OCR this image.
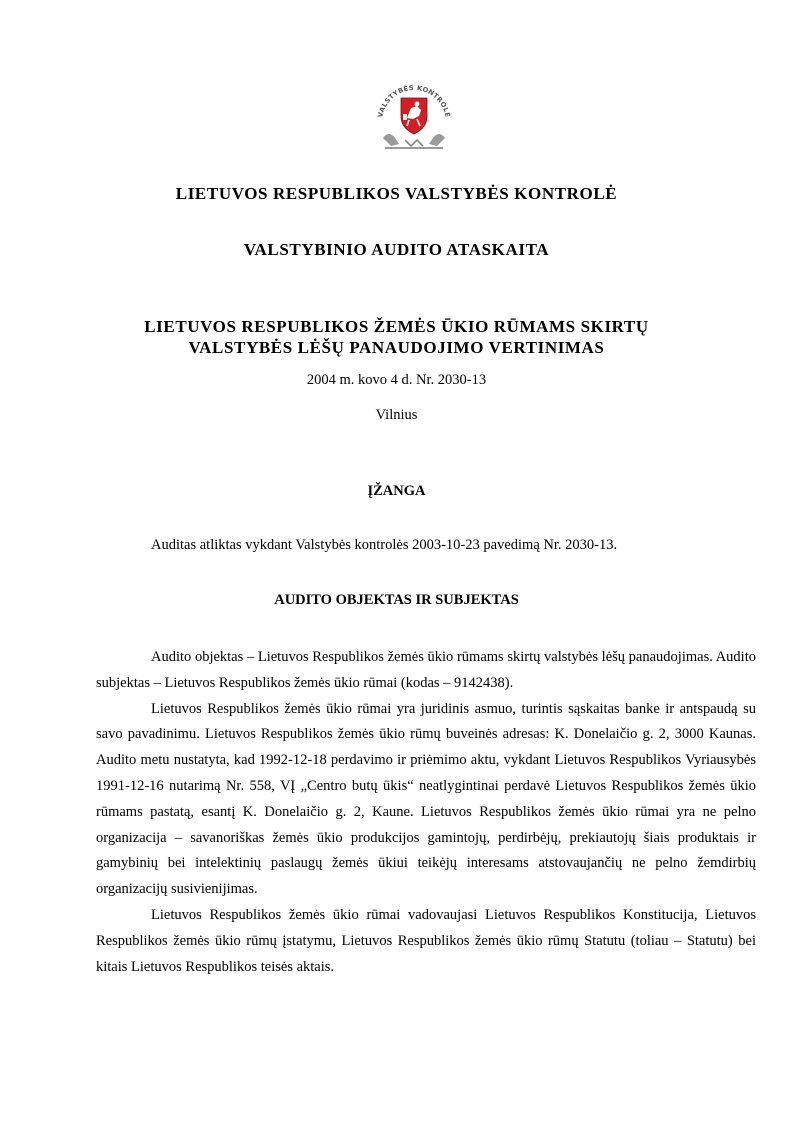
VALSTYBĖS KONTROLĖ
LIETUVOS RESPUBLIKOS VALSTYBĖS KONTROLĖ
VALSTYBINIO AUDITO ATASKAITA
LIETUVOS RESPUBLIKOS ŽEMĖS ŪKIO RŪMAMS SKIRTŲ
VALSTYBĖS LĖŠŲ PANAUDOJIMO VERTINIMAS
2004 m. kovo 4 d. Nr. 2030-13
Vilnius
ĮŽANGA
Auditas atliktas vykdant Valstybės kontrolės 2003-10-23 pavedimą Nr. 2030-13.
AUDITO OBJEKTAS IR SUBJEKTAS

Audito objektas – Lietuvos Respublikos žemės ūkio rūmams skirtų valstybės lėšų panaudojimas. Audito subjektas – Lietuvos Respublikos žemės ūkio rūmai (kodas – 9142438).

Lietuvos Respublikos žemės ūkio rūmai yra juridinis asmuo, turintis sąskaitas banke ir antspaudą su savo pavadinimu. Lietuvos Respublikos žemės ūkio rūmų buveinės adresas: K. Donelaičio g. 2, 3000 Kaunas. Audito metu nustatyta, kad 1992-12-18 perdavimo ir priėmimo aktu, vykdant Lietuvos Respublikos Vyriausybės 1991-12-16 nutarimą Nr. 558, VĮ „Centro butų ūkis“ neatlygintinai perdavė Lietuvos Respublikos žemės ūkio rūmams pastatą, esantį K. Donelaičio g. 2, Kaune. Lietuvos Respublikos žemės ūkio rūmai yra ne pelno organizacija – savanoriškas žemės ūkio produkcijos gamintojų, perdirbėjų, prekiautojų šiais produktais ir gamybinių bei intelektinių paslaugų žemės ūkiui teikėjų interesams atstovaujančių ne pelno žemdirbių organizacijų susivienijimas.

Lietuvos Respublikos žemės ūkio rūmai vadovaujasi Lietuvos Respublikos Konstitucija, Lietuvos Respublikos žemės ūkio rūmų įstatymu, Lietuvos Respublikos žemės ūkio rūmų Statutu (toliau – Statutu) bei kitais Lietuvos Respublikos teisės aktais.
